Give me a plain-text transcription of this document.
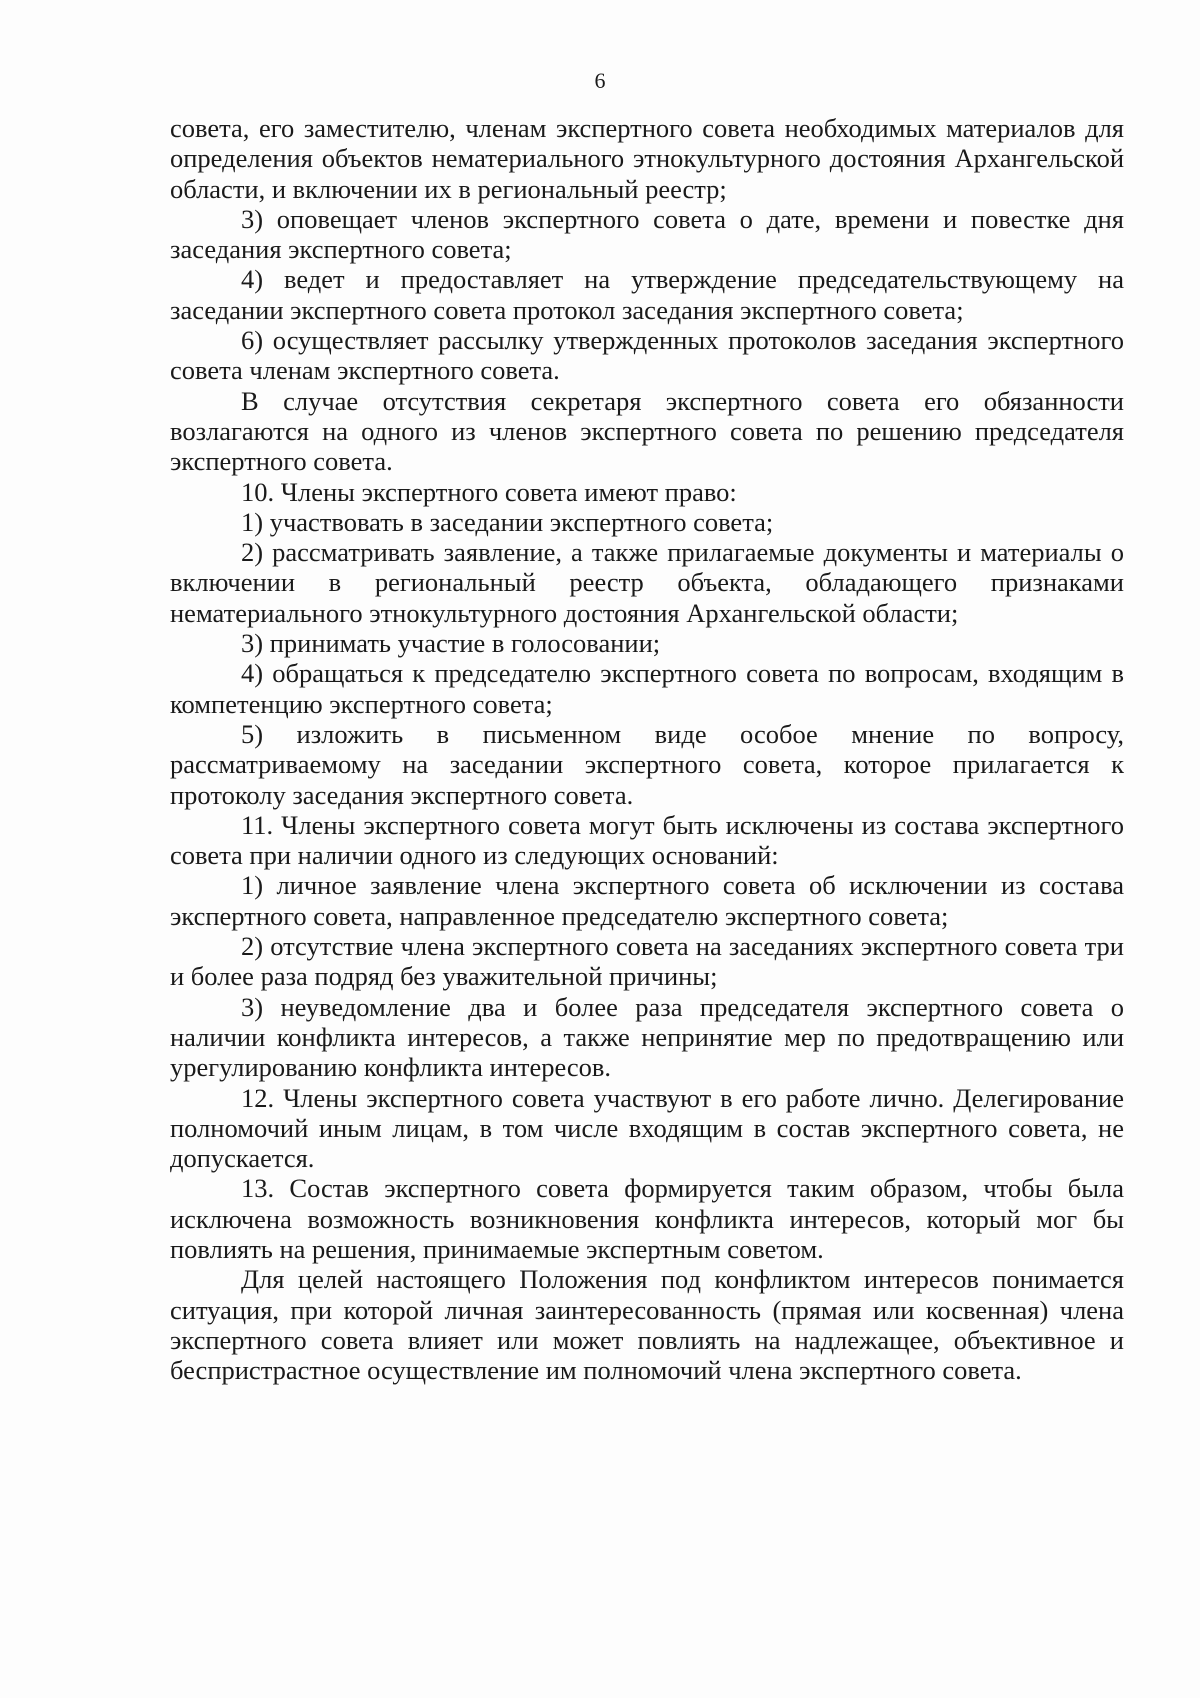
6

совета, его заместителю, членам экспертного совета необходимых материалов для определения объектов нематериального этнокультурного достояния Архангельской области, и включении их в региональный реестр;

3) оповещает членов экспертного совета о дате, времени и повестке дня заседания экспертного совета;

4) ведет и предоставляет на утверждение председательствующему на заседании экспертного совета протокол заседания экспертного совета;

6) осуществляет рассылку утвержденных протоколов заседания экспертного совета членам экспертного совета.

В случае отсутствия секретаря экспертного совета его обязанности возлагаются на одного из членов экспертного совета по решению председателя экспертного совета.

10. Члены экспертного совета имеют право:

1) участвовать в заседании экспертного совета;

2) рассматривать заявление, а также прилагаемые документы и материалы о включении в региональный реестр объекта, обладающего признаками нематериального этнокультурного достояния Архангельской области;

3) принимать участие в голосовании;

4) обращаться к председателю экспертного совета по вопросам, входящим в компетенцию экспертного совета;

5) изложить в письменном виде особое мнение по вопросу, рассматриваемому на заседании экспертного совета, которое прилагается к протоколу заседания экспертного совета.

11. Члены экспертного совета могут быть исключены из состава экспертного совета при наличии одного из следующих оснований:

1) личное заявление члена экспертного совета об исключении из состава экспертного совета, направленное председателю экспертного совета;

2) отсутствие члена экспертного совета на заседаниях экспертного совета три и более раза подряд без уважительной причины;

3) неуведомление два и более раза председателя экспертного совета о наличии конфликта интересов, а также непринятие мер по предотвращению или урегулированию конфликта интересов.

12. Члены экспертного совета участвуют в его работе лично. Делегирование полномочий иным лицам, в том числе входящим в состав экспертного совета, не допускается.

13. Состав экспертного совета формируется таким образом, чтобы была исключена возможность возникновения конфликта интересов, который мог бы повлиять на решения, принимаемые экспертным советом.

Для целей настоящего Положения под конфликтом интересов понимается ситуация, при которой личная заинтересованность (прямая или косвенная) члена экспертного совета влияет или может повлиять на надлежащее, объективное и беспристрастное осуществление им полномочий члена экспертного совета.
